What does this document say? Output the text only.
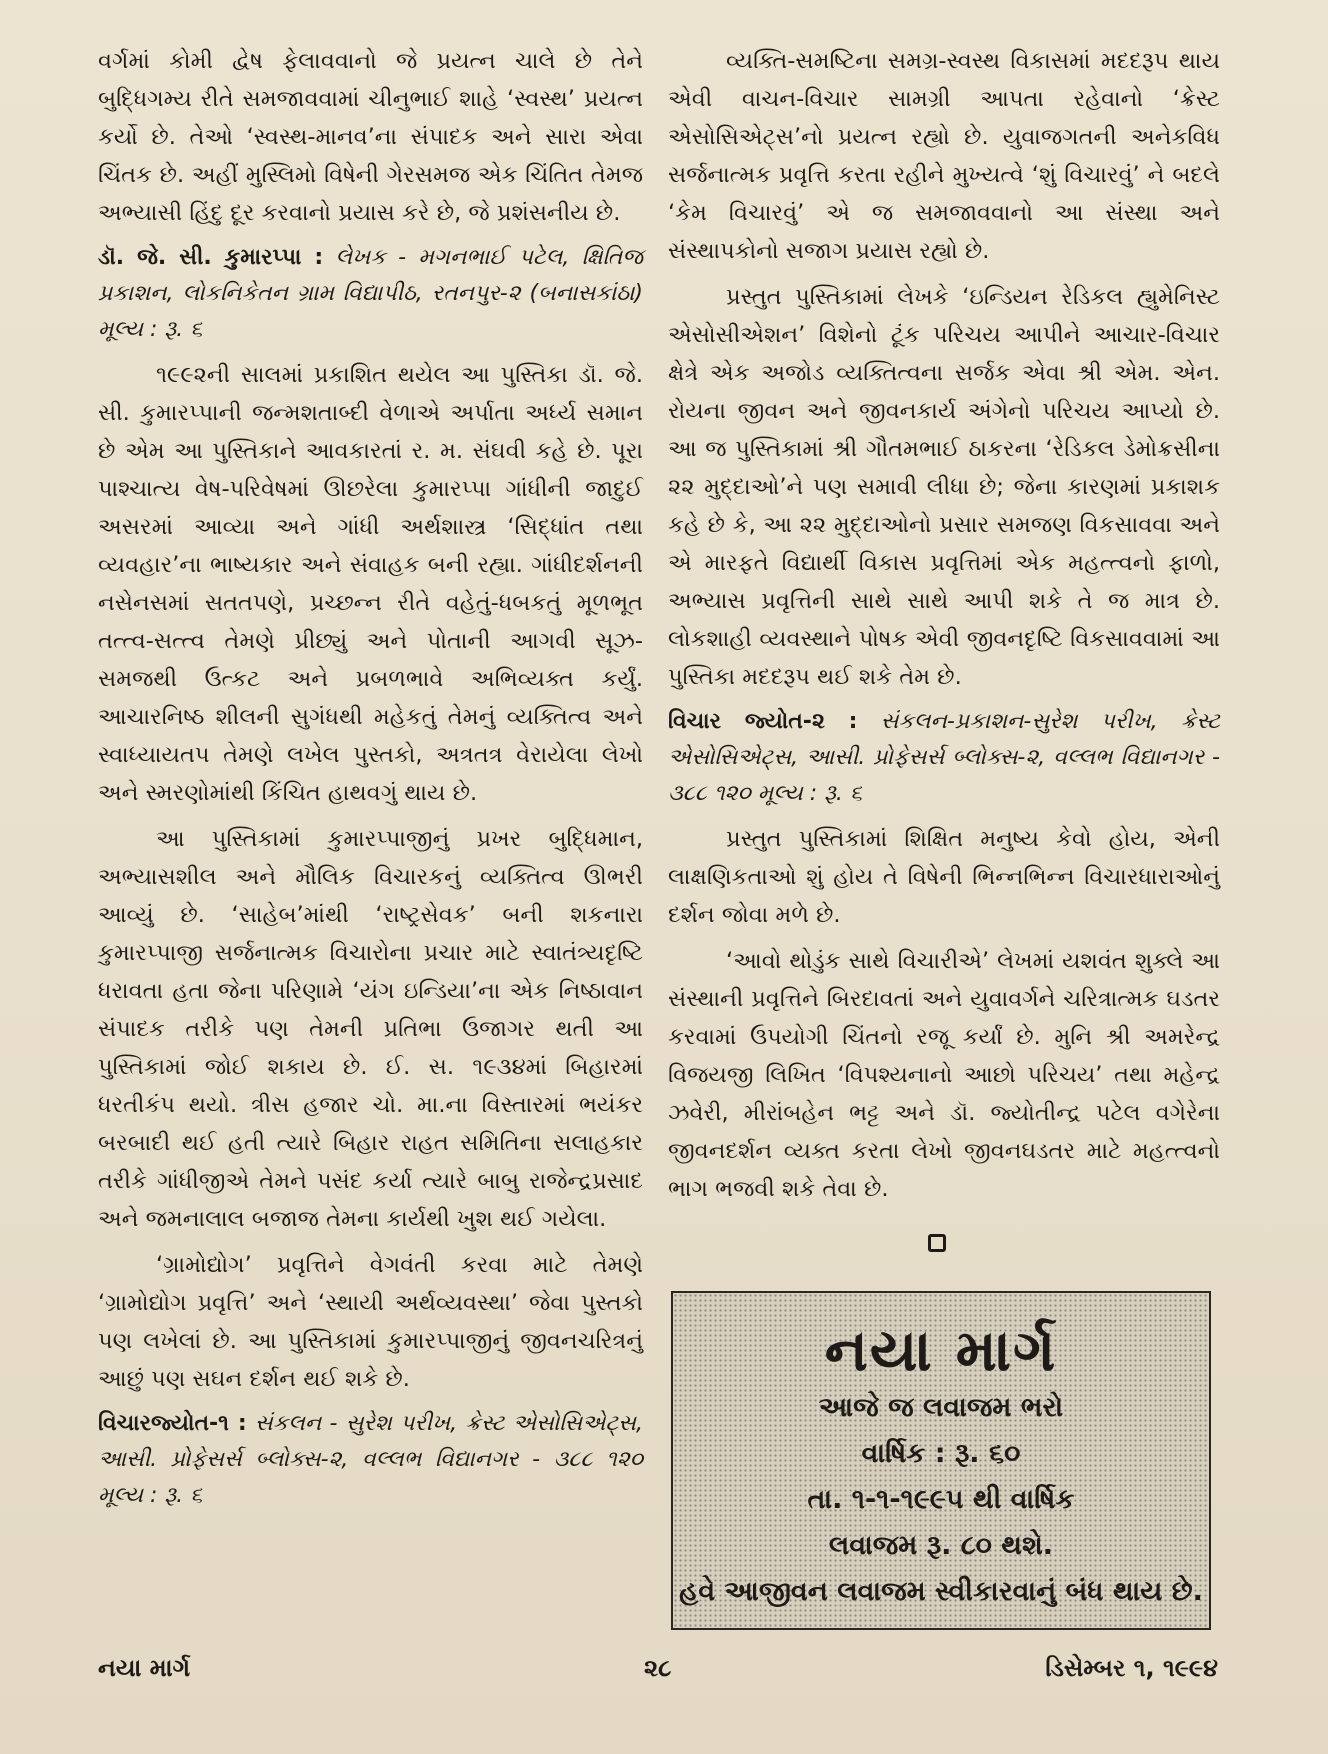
વર્ગમાં કોમી દ્વેષ ફેલાવવાનો જે પ્રયત્ન ચાલે છે તેને બુદ્ધિગમ્ય રીતે સમજાવવામાં ચીનુભાઈ શાહે ‘સ્વસ્થ’ પ્રયત્ન કર્યો છે. તેઓ ‘સ્વસ્થ-માનવ’ના સંપાદક અને સારા એવા ચિંતક છે. અહીં મુસ્લિમો વિષેની ગેરસમજ એક ચિંતિત તેમજ અભ્યાસી હિંદુ દૂર કરવાનો પ્રયાસ કરે છે, જે પ્રશંસનીય છે.

ડૉ. જે. સી. કુમારપ્પા : લેખક - મગનભાઈ પટેલ, ક્ષિતિજ પ્રકાશન, લોકનિકેતન ગ્રામ વિદ્યાપીઠ, રતનપુર-૨ (બનાસકાંઠા) મૂલ્ય : રૂ. ૬

૧૯૯૨ની સાલમાં પ્રકાશિત થયેલ આ પુસ્તિકા ડૉ. જે. સી. કુમારપ્પાની જન્મશતાબ્દી વેળાએ અર્પાતા અર્ધ્ય સમાન છે એમ આ પુસ્તિકાને આવકારતાં ર. મ. સંઘવી કહે છે. પૂરા પાશ્ચાત્ય વેષ-પરિવેષમાં ઊછરેલા કુમારપ્પા ગાંધીની જાદુઈ અસરમાં આવ્યા અને ગાંધી અર્થશાસ્ત્ર ‘સિદ્ધાંત તથા વ્યવહાર’ના ભાષ્યકાર અને સંવાહક બની રહ્યા. ગાંધીદર્શનની નસેનસમાં સતતપણે, પ્રચ્છન્ન રીતે વહેતું-ધબકતું મૂળભૂત તત્ત્વ-સત્ત્વ તેમણે પ્રીછ્યું અને પોતાની આગવી સૂઝ-સમજથી ઉત્કટ અને પ્રબળભાવે અભિવ્યક્ત કર્યું. આચારનિષ્ઠ શીલની સુગંધથી મહેકતું તેમનું વ્યક્તિત્વ અને સ્વાધ્યાયતપ તેમણે લખેલ પુસ્તકો, અત્રતત્ર વેરાયેલા લેખો અને સ્મરણોમાંથી કિંચિત હાથવગું થાય છે.

આ પુસ્તિકામાં કુમારપ્પાજીનું પ્રખર બુદ્ધિમાન, અભ્યાસશીલ અને મૌલિક વિચારકનું વ્યક્તિત્વ ઊભરી આવ્યું છે. ‘સાહેબ’માંથી ‘રાષ્ટ્રસેવક’ બની શકનારા કુમારપ્પાજી સર્જનાત્મક વિચારોના પ્રચાર માટે સ્વાતંત્ર્યદૃષ્ટિ ધરાવતા હતા જેના પરિણામે ‘યંગ ઇન્ડિયા’ના એક નિષ્ઠાવાન સંપાદક તરીકે પણ તેમની પ્રતિભા ઉજાગર થતી આ પુસ્તિકામાં જોઈ શકાય છે. ઈ. સ. ૧૯૩૪માં બિહારમાં ધરતીકંપ થયો. ત્રીસ હજાર ચો. મા.ના વિસ્તારમાં ભયંકર બરબાદી થઈ હતી ત્યારે બિહાર રાહત સમિતિના સલાહકાર તરીકે ગાંધીજીએ તેમને પસંદ કર્યા ત્યારે બાબુ રાજેન્દ્રપ્રસાદ અને જમનાલાલ બજાજ તેમના કાર્યથી ખુશ થઈ ગયેલા.

‘ગ્રામોદ્યોગ’ પ્રવૃત્તિને વેગવંતી કરવા માટે તેમણે ‘ગ્રામોદ્યોગ પ્રવૃત્તિ’ અને ‘સ્થાયી અર્થવ્યવસ્થા’ જેવા પુસ્તકો પણ લખેલાં છે. આ પુસ્તિકામાં કુમારપ્પાજીનું જીવનચરિત્રનું આછું પણ સઘન દર્શન થઈ શકે છે.

વિચારજ્યોત-૧ : સંકલન - સુરેશ પરીખ, ક્રેસ્ટ એસોસિએટ્સ, આસી. પ્રોફેસર્સ બ્લોક્સ-૨, વલ્લભ વિદ્યાનગર - ૩૮૮ ૧૨૦ મૂલ્ય : રૂ. ૬

વ્યક્તિ-સમષ્ટિના સમગ્ર-સ્વસ્થ વિકાસમાં મદદરૂપ થાય એવી વાચન-વિચાર સામગ્રી આપતા રહેવાનો ‘ક્રેસ્ટ એસોસિએટ્સ’નો પ્રયત્ન રહ્યો છે. યુવાજગતની અનેકવિધ સર્જનાત્મક પ્રવૃત્તિ કરતા રહીને મુખ્યત્વે ‘શું વિચારવું’ ને બદલે ‘કેમ વિચારવું’ એ જ સમજાવવાનો આ સંસ્થા અને સંસ્થાપકોનો સજાગ પ્રયાસ રહ્યો છે.

પ્રસ્તુત પુસ્તિકામાં લેખકે ‘ઇન્ડિયન રેડિકલ હ્યુમેનિસ્ટ એસોસીએશન’ વિશેનો ટૂંક પરિચય આપીને આચાર-વિચાર ક્ષેત્રે એક અજોડ વ્યક્તિત્વના સર્જક એવા શ્રી એમ. એન. રોયના જીવન અને જીવનકાર્ય અંગેનો પરિચય આપ્યો છે. આ જ પુસ્તિકામાં શ્રી ગૌતમભાઈ ઠાકરના ‘રેડિકલ ડેમોક્રસીના ૨૨ મુદ્દાઓ’ને પણ સમાવી લીધા છે; જેના કારણમાં પ્રકાશક કહે છે કે, આ ૨૨ મુદ્દાઓનો પ્રસાર સમજણ વિકસાવવા અને એ મારફતે વિદ્યાર્થી વિકાસ પ્રવૃત્તિમાં એક મહત્ત્વનો ફાળો, અભ્યાસ પ્રવૃત્તિની સાથે સાથે આપી શકે તે જ માત્ર છે. લોકશાહી વ્યવસ્થાને પોષક એવી જીવનદૃષ્ટિ વિકસાવવામાં આ પુસ્તિકા મદદરૂપ થઈ શકે તેમ છે.

વિચાર જ્યોત-૨ : સંકલન-પ્રકાશન-સુરેશ પરીખ, ક્રેસ્ટ એસોસિએટ્સ, આસી. પ્રોફેસર્સ બ્લોક્સ-૨, વલ્લભ વિદ્યાનગર - ૩૮૮ ૧૨૦ મૂલ્ય : રૂ. ૬

પ્રસ્તુત પુસ્તિકામાં શિક્ષિત મનુષ્ય કેવો હોય, એની લાક્ષણિકતાઓ શું હોય તે વિષેની ભિન્નભિન્ન વિચારધારાઓનું દર્શન જોવા મળે છે.

‘આવો થોડુંક સાથે વિચારીએ’ લેખમાં યશવંત શુક્લે આ સંસ્થાની પ્રવૃત્તિને બિરદાવતાં અને યુવાવર્ગને ચરિત્રાત્મક ઘડતર કરવામાં ઉપયોગી ચિંતનો રજૂ કર્યાં છે. મુનિ શ્રી અમરેન્દ્ર વિજયજી લિખિત ‘વિપશ્યનાનો આછો પરિચય’ તથા મહેન્દ્ર ઝવેરી, મીરાંબહેન ભટ્ટ અને ડૉ. જ્યોતીન્દ્ર પટેલ વગેરેના જીવનદર્શન વ્યક્ત કરતા લેખો જીવનઘડતર માટે મહત્ત્વનો ભાગ ભજવી શકે તેવા છે.

નયા માર્ગ
આજે જ લવાજમ ભરો
વાર્ષિક : રૂ. ૬૦
તા. ૧-૧-૧૯૯૫ થી વાર્ષિક
લવાજમ રૂ. ૮૦ થશે.
હવે આજીવન લવાજમ સ્વીકારવાનું બંધ થાય છે.
નયા માર્ગ	૨૮	ડિસેમ્બર ૧, ૧૯૯૪
